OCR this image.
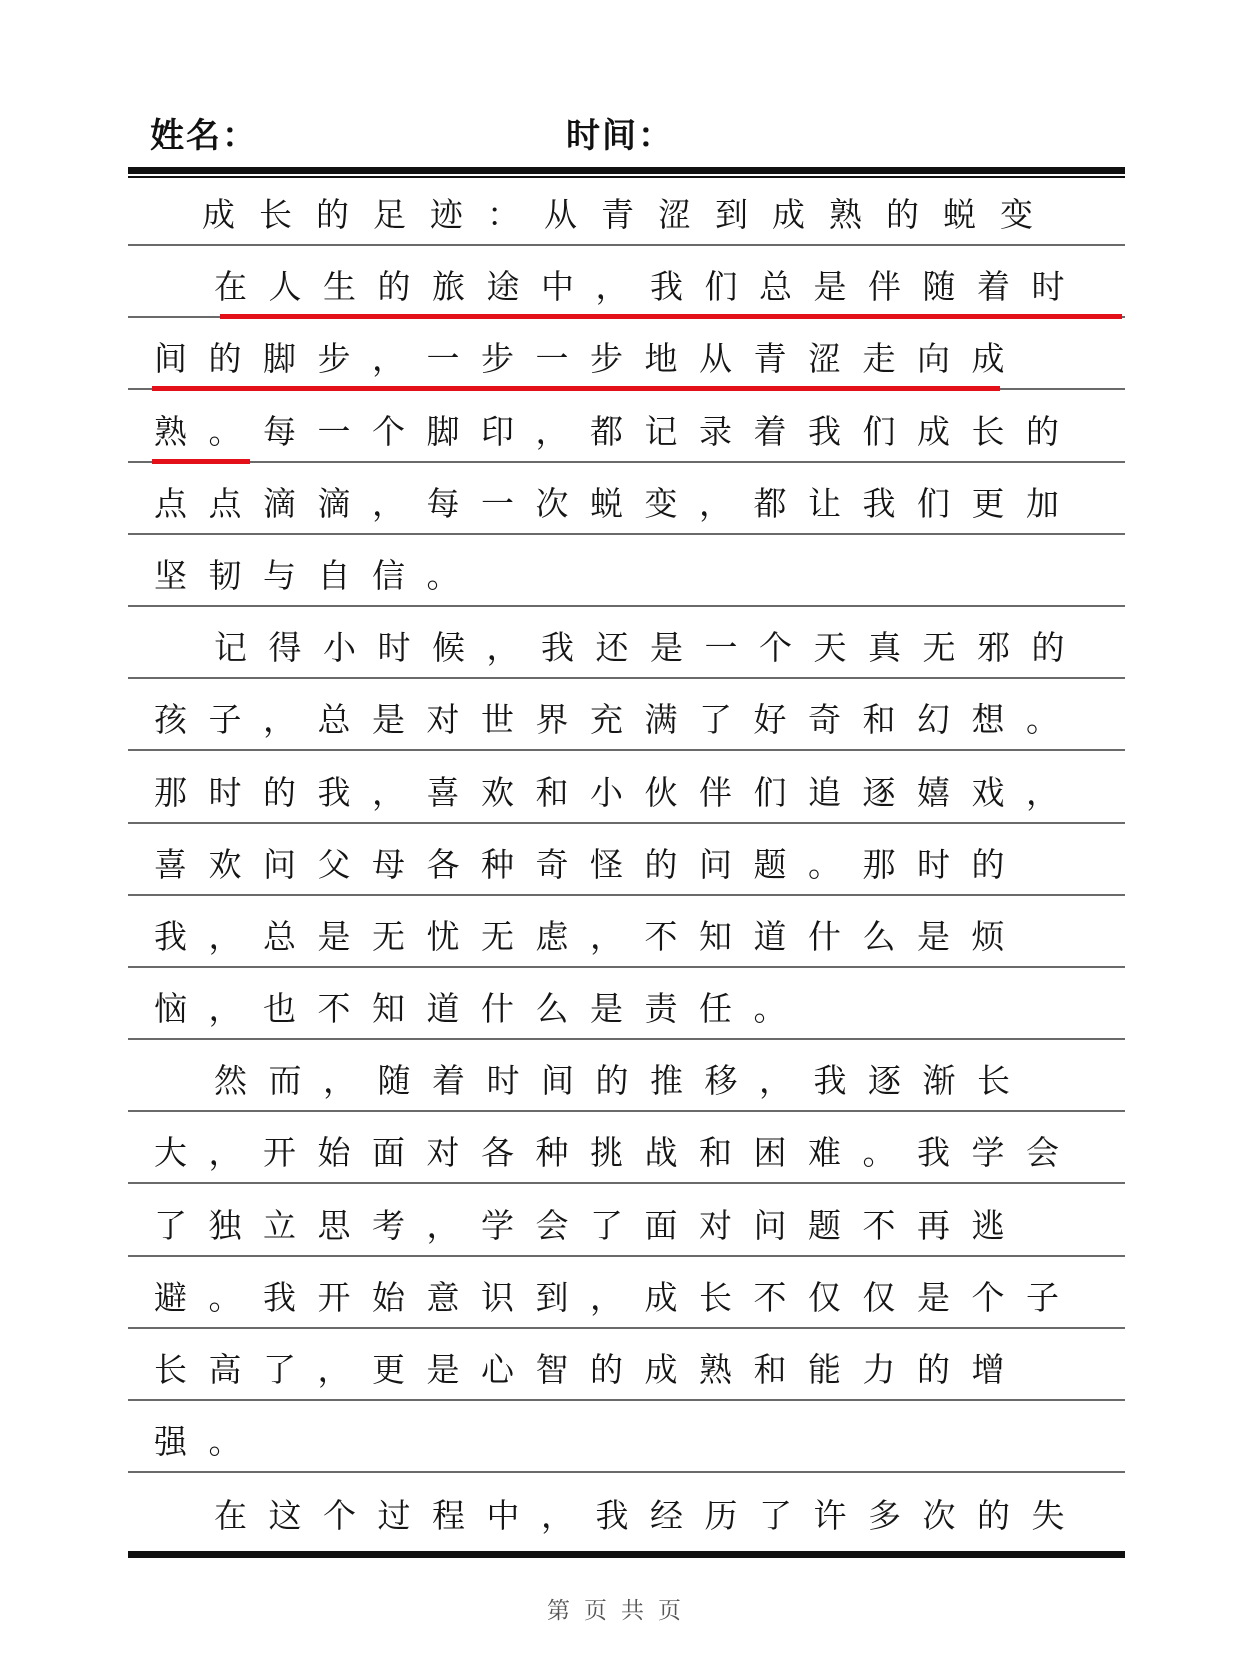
姓名：	时间：
成长的足迹：从青涩到成熟的蜕变
在人生的旅途中，我们总是伴随着时
间的脚步，一步一步地从青涩走向成
熟。每一个脚印，都记录着我们成长的
点点滴滴，每一次蜕变，都让我们更加
坚韧与自信。
记得小时候，我还是一个天真无邪的
孩子，总是对世界充满了好奇和幻想。
那时的我，喜欢和小伙伴们追逐嬉戏，
喜欢问父母各种奇怪的问题。那时的
我，总是无忧无虑，不知道什么是烦
恼，也不知道什么是责任。
然而，随着时间的推移，我逐渐长
大，开始面对各种挑战和困难。我学会
了独立思考，学会了面对问题不再逃
避。我开始意识到，成长不仅仅是个子
长高了，更是心智的成熟和能力的增
强。
在这个过程中，我经历了许多次的失
第页共页
